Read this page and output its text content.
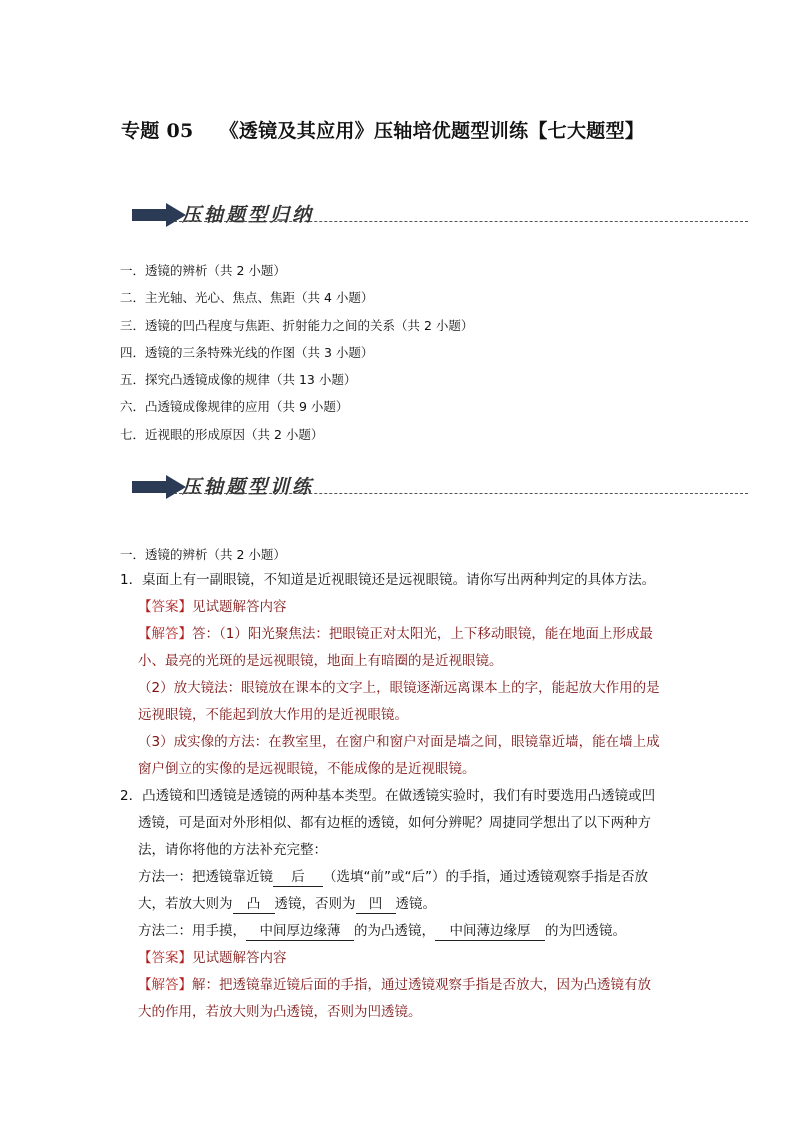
专题 05 《透镜及其应用》压轴培优题型训练【七大题型】
压轴题型归纳
一．透镜的辨析（共 2 小题）
二．主光轴、光心、焦点、焦距（共 4 小题）
三．透镜的凹凸程度与焦距、折射能力之间的关系（共 2 小题）
四．透镜的三条特殊光线的作图（共 3 小题）
五．探究凸透镜成像的规律（共 13 小题）
六．凸透镜成像规律的应用（共 9 小题）
七．近视眼的形成原因（共 2 小题）
压轴题型训练
一．透镜的辨析（共 2 小题）
1．桌面上有一副眼镜，不知道是近视眼镜还是远视眼镜。请你写出两种判定的具体方法。
【答案】见试题解答内容
【解答】答：（1）阳光聚焦法：把眼镜正对太阳光，上下移动眼镜，能在地面上形成最
小、最亮的光斑的是远视眼镜，地面上有暗圈的是近视眼镜。
（2）放大镜法：眼镜放在课本的文字上，眼镜逐渐远离课本上的字，能起放大作用的是
远视眼镜，不能起到放大作用的是近视眼镜。
（3）成实像的方法：在教室里，在窗户和窗户对面是墙之间，眼镜靠近墙，能在墙上成
窗户倒立的实像的是远视眼镜，不能成像的是近视眼镜。
2．凸透镜和凹透镜是透镜的两种基本类型。在做透镜实验时，我们有时要选用凸透镜或凹
透镜，可是面对外形相似、都有边框的透镜，如何分辨呢？周捷同学想出了以下两种方
法，请你将他的方法补充完整：
方法一：把透镜靠近镜 后 （选填“前”或“后”）的手指，通过透镜观察手指是否放
大，若放大则为 凸 透镜，否则为 凹 透镜。
方法二：用手摸， 中间厚边缘薄 的为凸透镜， 中间薄边缘厚 的为凹透镜。
【答案】见试题解答内容
【解答】解：把透镜靠近镜后面的手指，通过透镜观察手指是否放大，因为凸透镜有放
大的作用，若放大则为凸透镜，否则为凹透镜。
